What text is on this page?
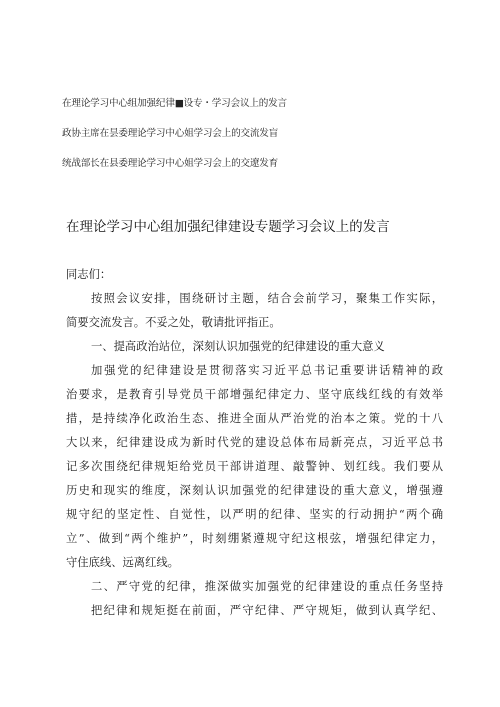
在理论学习中心组加强纪律■设专・学习会议上的发言
政协主席在昙委理论学习中心姐学习会上的交流发盲
统战部长在县委理论学习中心姐学习会上的交遼发育
在理论学习中心组加强纪律建设专题学习会议上的发言
同志们：
按照会议安排，围绕研讨主题，结合会前学习，聚集工作实际，
简要交流发言。不妥之处，敬请批评指正。
一、提高政治站位，深刻认识加强党的纪律建设的重大意义
加强党的纪律建设是贯彻落实习近平总书记重要讲话精神的政
治要求，是教育引导党员干部增强纪律定力、坚守底线红线的有效举
措，是持续净化政治生态、推进全面从严治党的治本之策。党的十八
大以来，纪律建设成为新时代党的建设总体布局新亮点，习近平总书
记多次围绕纪律规矩给党员干部讲道理、敲警钟、划红线。我们要从
历史和现实的维度，深刻认识加强党的纪律建设的重大意义，增强遵
规守纪的坚定性、自觉性，以严明的纪律、坚实的行动拥护“两个确
立”、做到“两个维护”，时刻绷紧遵规守纪这根弦，增强纪律定力，
守住底线、远离红线。
二、严守党的纪律，推深做实加强党的纪律建设的重点任务坚持
把纪律和规矩挺在前面，严守纪律、严守规矩，做到认真学纪、
